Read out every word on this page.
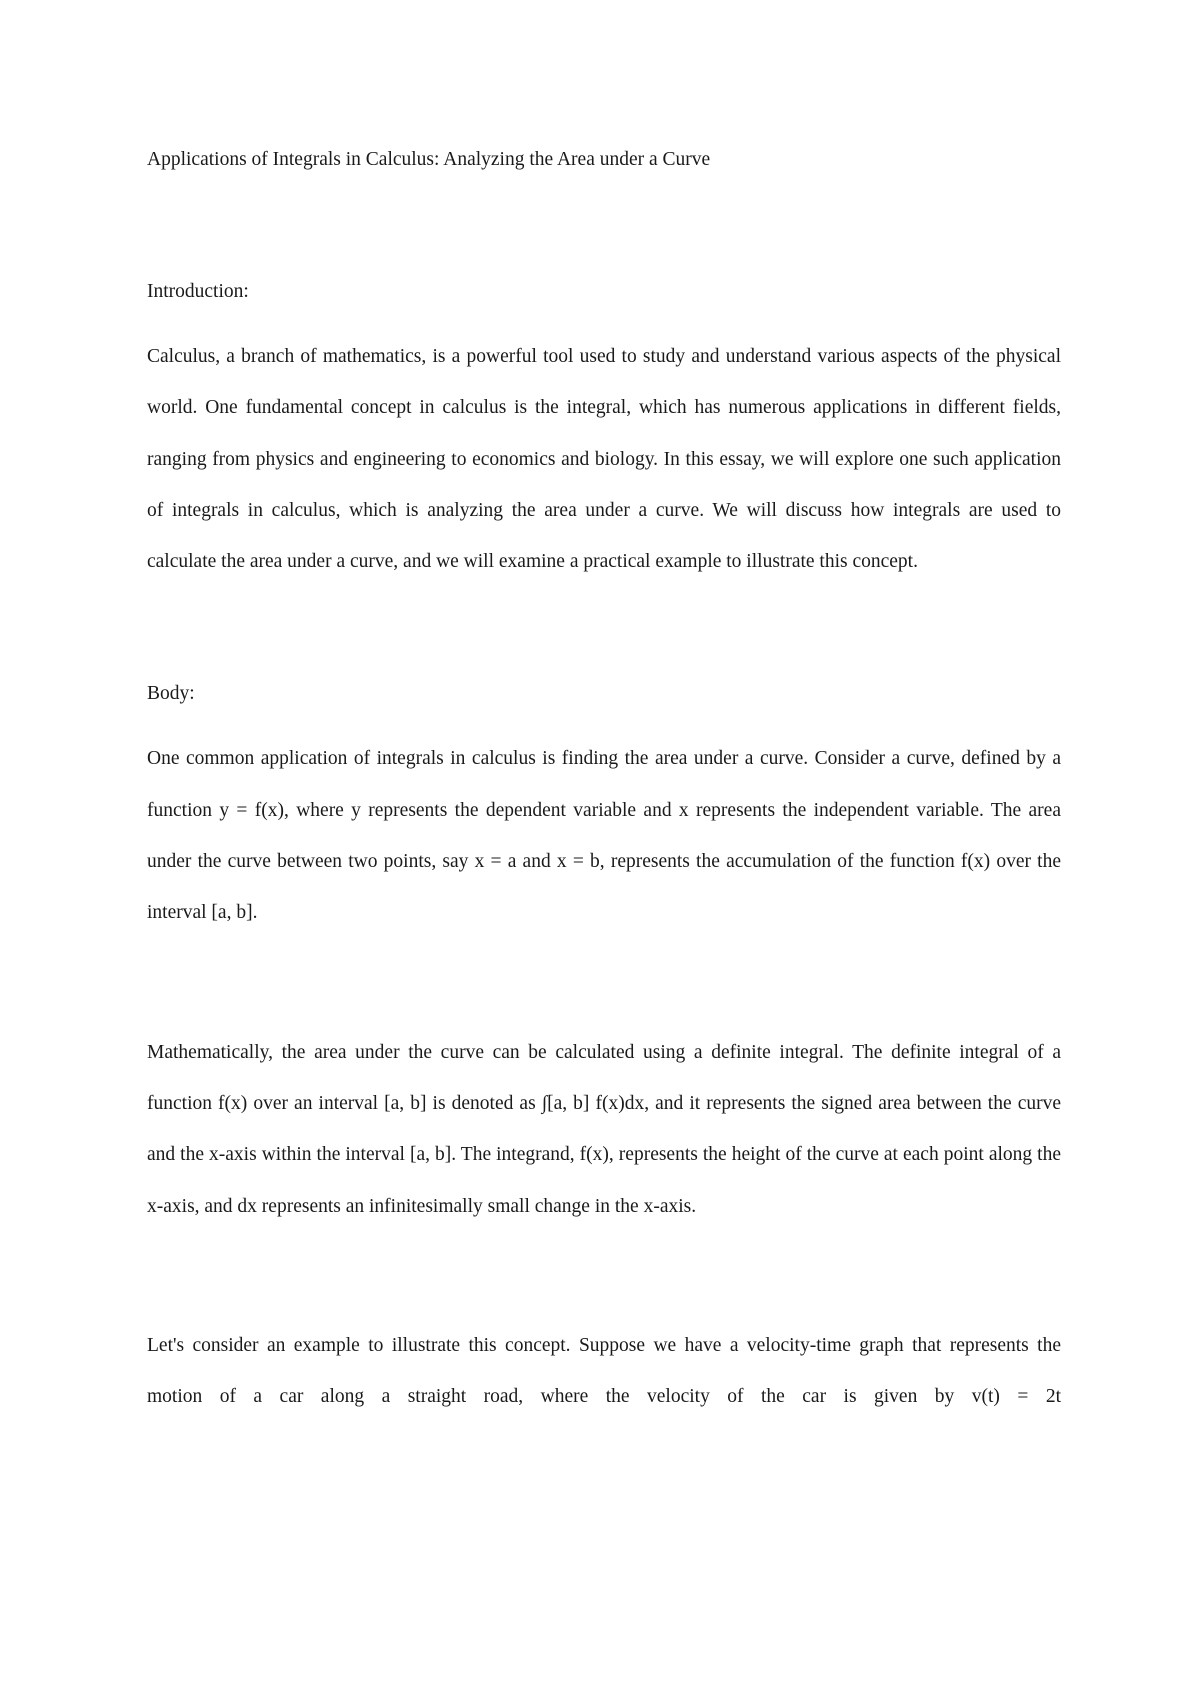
Applications of Integrals in Calculus: Analyzing the Area under a Curve

Introduction:

Calculus, a branch of mathematics, is a powerful tool used to study and understand various aspects of the physical world. One fundamental concept in calculus is the integral, which has numerous applications in different fields, ranging from physics and engineering to economics and biology. In this essay, we will explore one such application of integrals in calculus, which is analyzing the area under a curve. We will discuss how integrals are used to calculate the area under a curve, and we will examine a practical example to illustrate this concept.

Body:

One common application of integrals in calculus is finding the area under a curve. Consider a curve, defined by a function y = f(x), where y represents the dependent variable and x represents the independent variable. The area under the curve between two points, say x = a and x = b, represents the accumulation of the function f(x) over the interval [a, b].

Mathematically, the area under the curve can be calculated using a definite integral. The definite integral of a function f(x) over an interval [a, b] is denoted as ∫[a, b] f(x)dx, and it represents the signed area between the curve and the x-axis within the interval [a, b]. The integrand, f(x), represents the height of the curve at each point along the x-axis, and dx represents an infinitesimally small change in the x-axis.

Let's consider an example to illustrate this concept. Suppose we have a velocity-time graph that represents the motion of a car along a straight road, where the velocity of the car is given by v(t) = 2t
